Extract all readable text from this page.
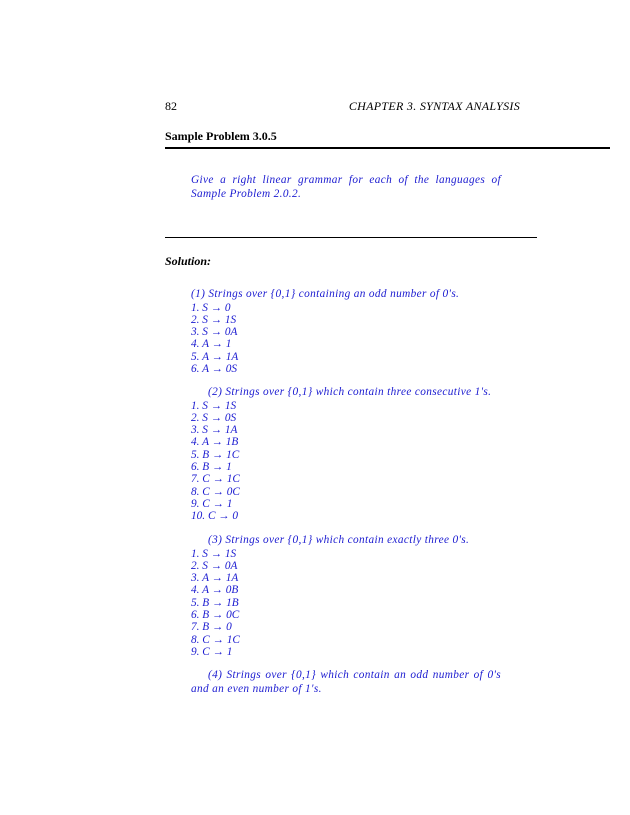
82	CHAPTER 3. SYNTAX ANALYSIS
Sample Problem 3.0.5
Give a right linear grammar for each of the languages of Sample Problem 2.0.2.
Solution:
(1) Strings over {0,1} containing an odd number of 0's.
1. S → 0
2. S → 1S
3. S → 0A
4. A → 1
5. A → 1A
6. A → 0S
(2) Strings over {0,1} which contain three consecutive 1's.
1. S → 1S
2. S → 0S
3. S → 1A
4. A → 1B
5. B → 1C
6. B → 1
7. C → 1C
8. C → 0C
9. C → 1
10. C → 0
(3) Strings over {0,1} which contain exactly three 0's.
1. S → 1S
2. S → 0A
3. A → 1A
4. A → 0B
5. B → 1B
6. B → 0C
7. B → 0
8. C → 1C
9. C → 1
(4) Strings over {0,1} which contain an odd number of 0's and an even number of 1's.
